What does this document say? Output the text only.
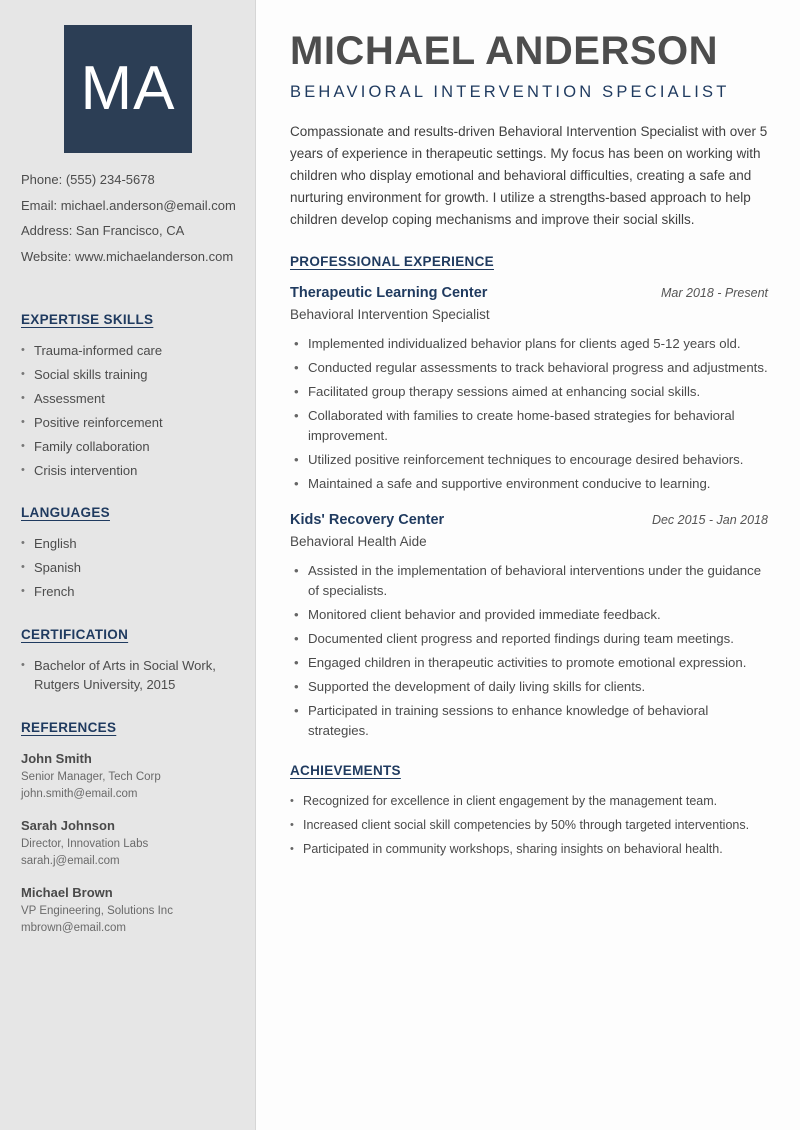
MA
Phone: (555) 234-5678
Email: michael.anderson@email.com
Address: San Francisco, CA
Website: www.michaelanderson.com
EXPERTISE SKILLS
• Trauma-informed care
• Social skills training
• Assessment
• Positive reinforcement
• Family collaboration
• Crisis intervention
LANGUAGES
• English
• Spanish
• French
CERTIFICATION
• Bachelor of Arts in Social Work, Rutgers University, 2015
REFERENCES
John Smith
Senior Manager, Tech Corp
john.smith@email.com
Sarah Johnson
Director, Innovation Labs
sarah.j@email.com
Michael Brown
VP Engineering, Solutions Inc
mbrown@email.com
MICHAEL ANDERSON
BEHAVIORAL INTERVENTION SPECIALIST

Compassionate and results-driven Behavioral Intervention Specialist with over 5 years of experience in therapeutic settings. My focus has been on working with children who display emotional and behavioral difficulties, creating a safe and nurturing environment for growth. I utilize a strengths-based approach to help children develop coping mechanisms and improve their social skills.

PROFESSIONAL EXPERIENCE
Therapeutic Learning Center	Mar 2018 - Present
Behavioral Intervention Specialist
• Implemented individualized behavior plans for clients aged 5-12 years old.
• Conducted regular assessments to track behavioral progress and adjustments.
• Facilitated group therapy sessions aimed at enhancing social skills.
• Collaborated with families to create home-based strategies for behavioral improvement.
• Utilized positive reinforcement techniques to encourage desired behaviors.
• Maintained a safe and supportive environment conducive to learning.
Kids' Recovery Center	Dec 2015 - Jan 2018
Behavioral Health Aide
• Assisted in the implementation of behavioral interventions under the guidance of specialists.
• Monitored client behavior and provided immediate feedback.
• Documented client progress and reported findings during team meetings.
• Engaged children in therapeutic activities to promote emotional expression.
• Supported the development of daily living skills for clients.
• Participated in training sessions to enhance knowledge of behavioral strategies.
ACHIEVEMENTS
• Recognized for excellence in client engagement by the management team.
• Increased client social skill competencies by 50% through targeted interventions.
• Participated in community workshops, sharing insights on behavioral health.
